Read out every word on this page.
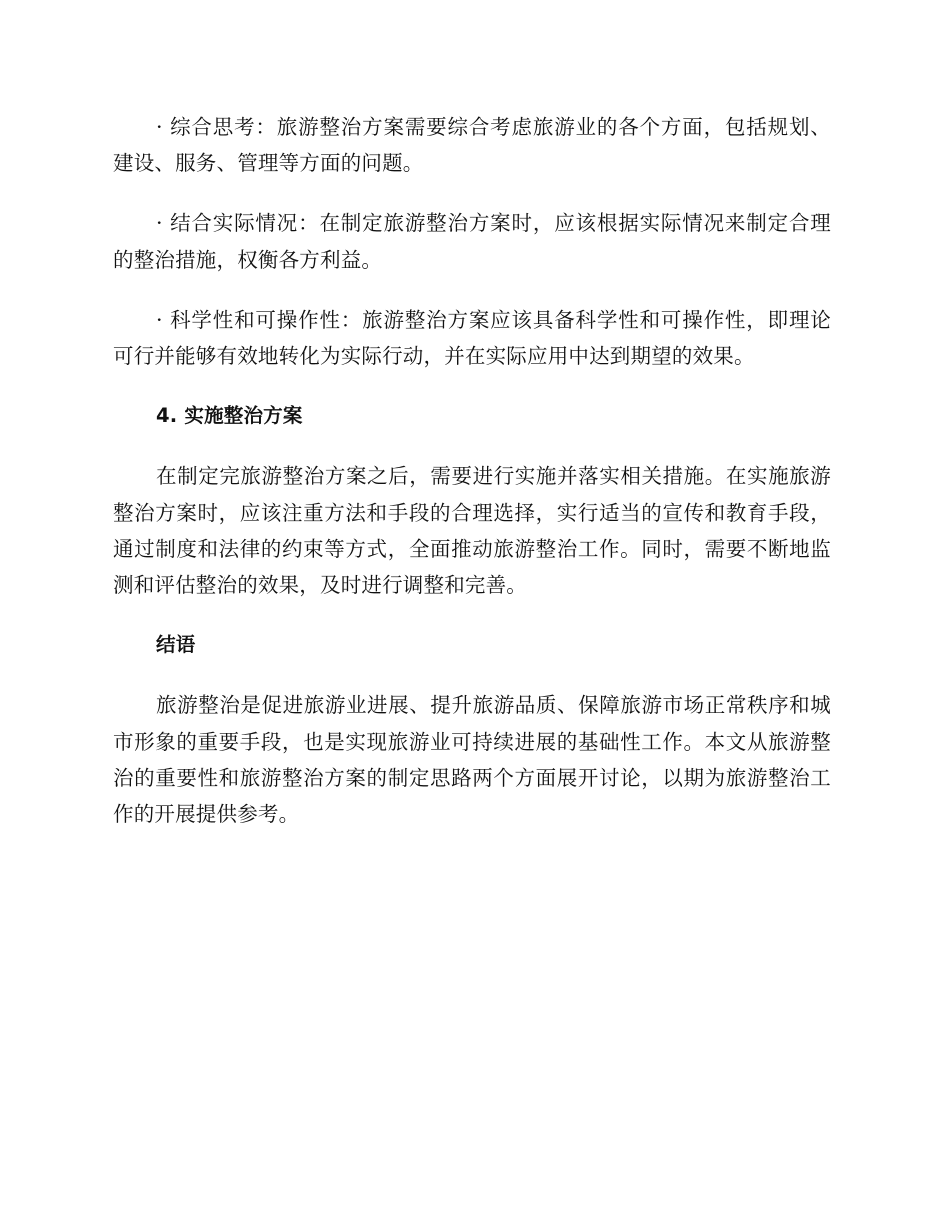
· 综合思考：旅游整治方案需要综合考虑旅游业的各个方面，包括规划、建设、服务、管理等方面的问题。

· 结合实际情况：在制定旅游整治方案时，应该根据实际情况来制定合理的整治措施，权衡各方利益。

· 科学性和可操作性：旅游整治方案应该具备科学性和可操作性，即理论可行并能够有效地转化为实际行动，并在实际应用中达到期望的效果。

4. 实施整治方案

在制定完旅游整治方案之后，需要进行实施并落实相关措施。在实施旅游整治方案时，应该注重方法和手段的合理选择，实行适当的宣传和教育手段，通过制度和法律的约束等方式，全面推动旅游整治工作。同时，需要不断地监测和评估整治的效果，及时进行调整和完善。

结语

旅游整治是促进旅游业进展、提升旅游品质、保障旅游市场正常秩序和城市形象的重要手段，也是实现旅游业可持续进展的基础性工作。本文从旅游整治的重要性和旅游整治方案的制定思路两个方面展开讨论，以期为旅游整治工作的开展提供参考。
